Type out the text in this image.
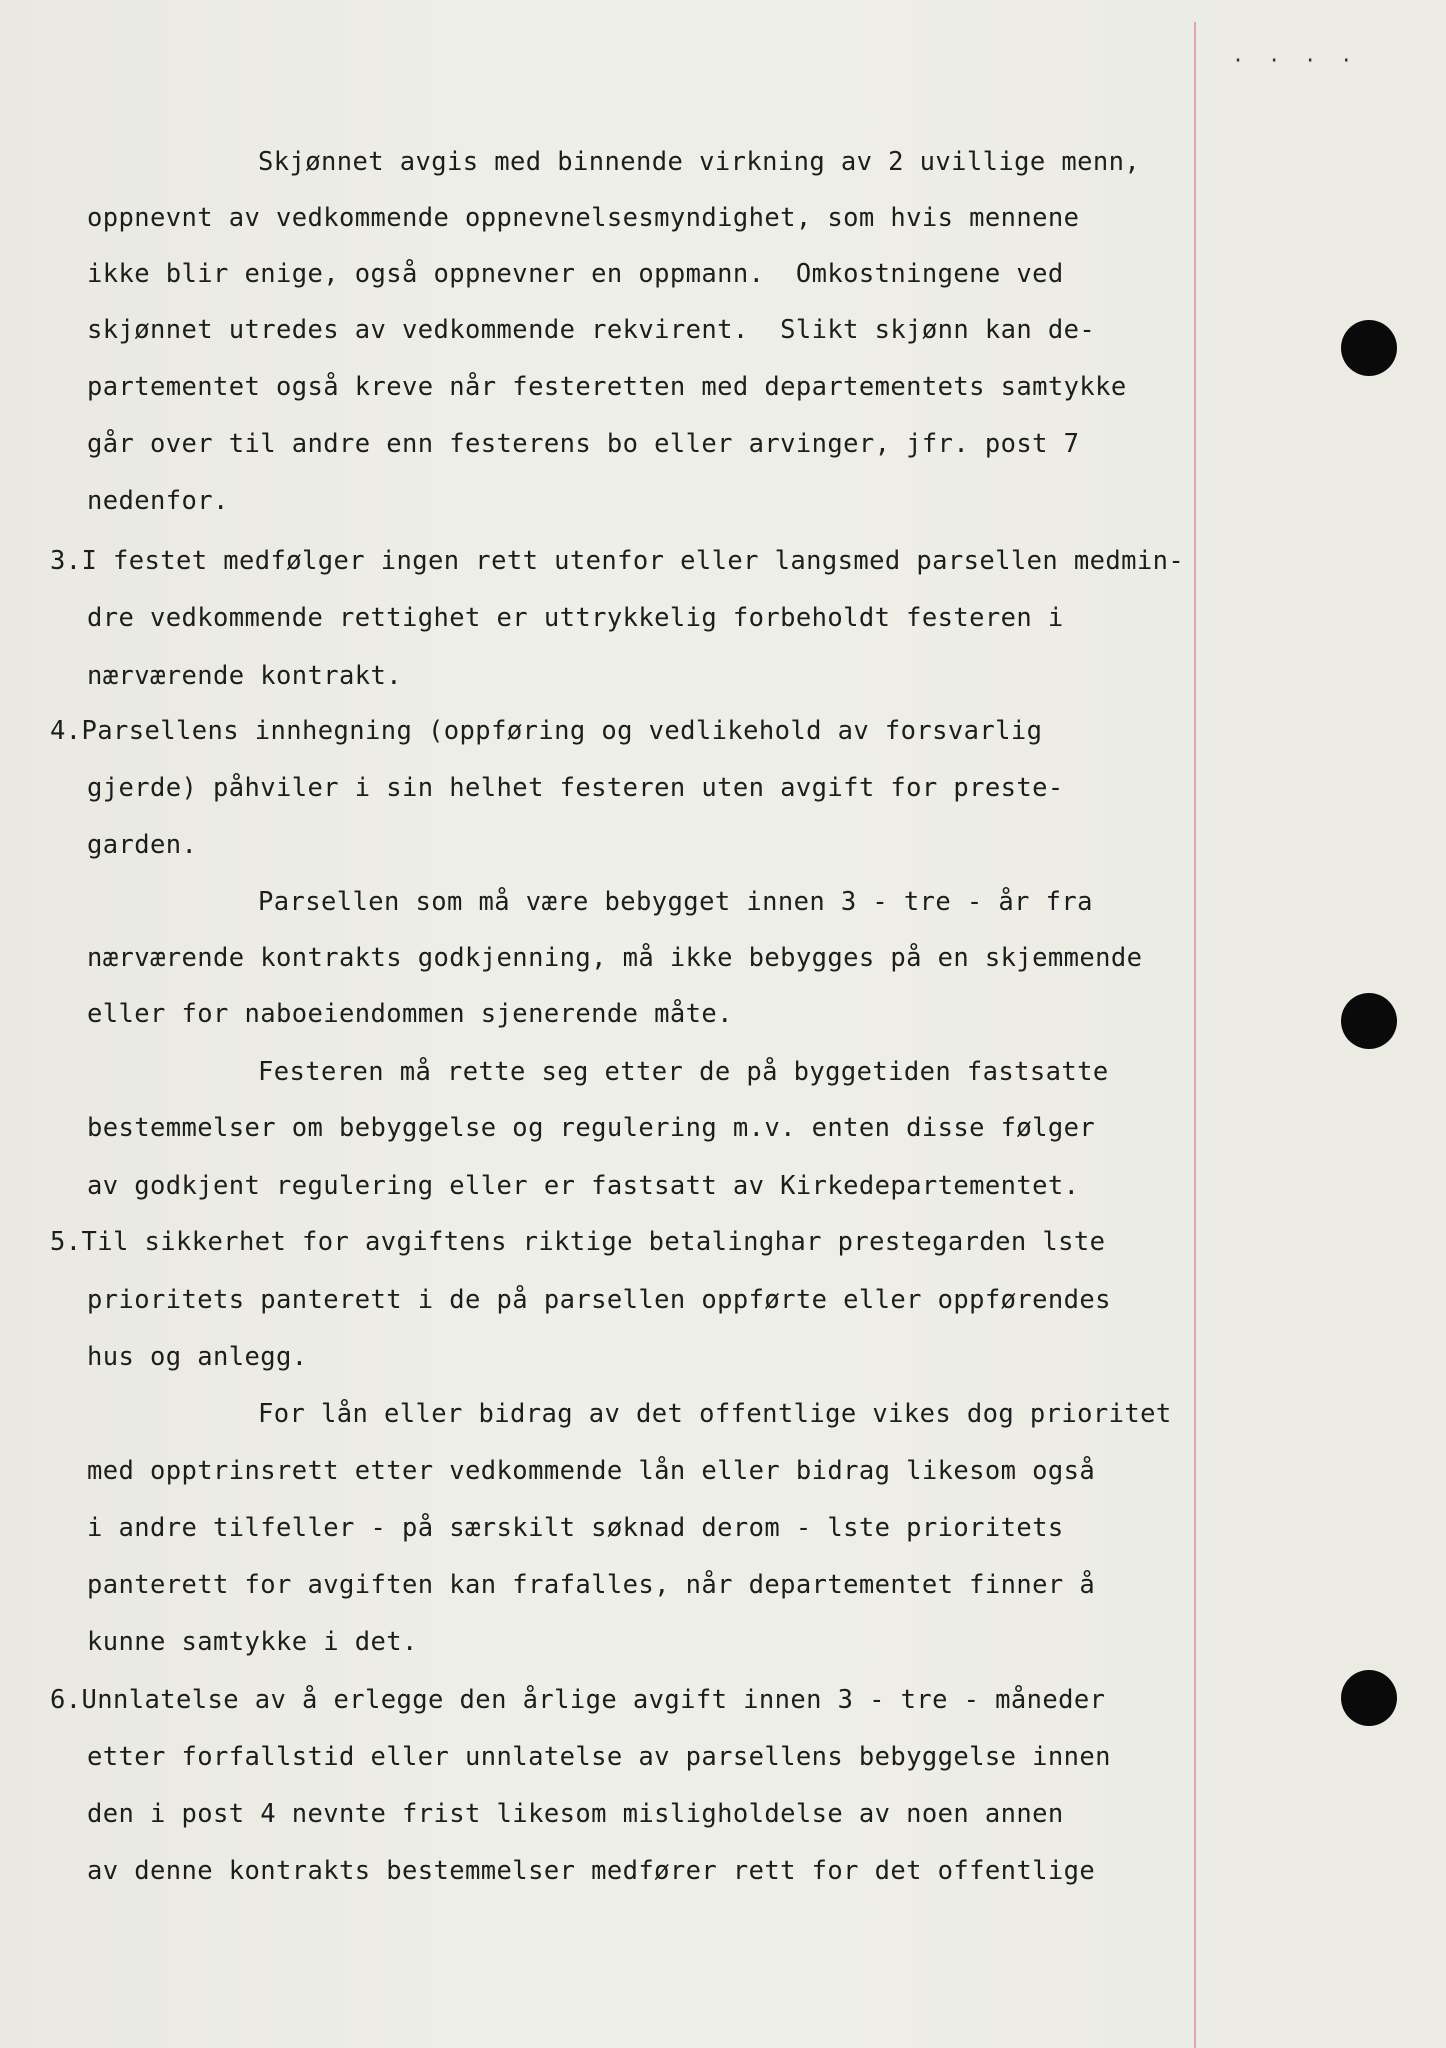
· · · ·
Skjønnet avgis med binnende virkning av 2 uvillige menn,
oppnevnt av vedkommende oppnevnelsesmyndighet, som hvis mennene
ikke blir enige, også oppnevner en oppmann.  Omkostningene ved
skjønnet utredes av vedkommende rekvirent.  Slikt skjønn kan de-
partementet også kreve når festeretten med departementets samtykke
går over til andre enn festerens bo eller arvinger, jfr. post 7
nedenfor.
3.I festet medfølger ingen rett utenfor eller langsmed parsellen medmin-
dre vedkommende rettighet er uttrykkelig forbeholdt festeren i
nærværende kontrakt.
4.Parsellens innhegning (oppføring og vedlikehold av forsvarlig
gjerde) påhviler i sin helhet festeren uten avgift for preste-
garden.
Parsellen som må være bebygget innen 3 - tre - år fra
nærværende kontrakts godkjenning, må ikke bebygges på en skjemmende
eller for naboeiendommen sjenerende måte.
Festeren må rette seg etter de på byggetiden fastsatte
bestemmelser om bebyggelse og regulering m.v. enten disse følger
av godkjent regulering eller er fastsatt av Kirkedepartementet.
5.Til sikkerhet for avgiftens riktige betalinghar prestegarden lste
prioritets panterett i de på parsellen oppførte eller oppførendes
hus og anlegg.
For lån eller bidrag av det offentlige vikes dog prioritet
med opptrinsrett etter vedkommende lån eller bidrag likesom også
i andre tilfeller - på særskilt søknad derom - lste prioritets
panterett for avgiften kan frafalles, når departementet finner å
kunne samtykke i det.
6.Unnlatelse av å erlegge den årlige avgift innen 3 - tre - måneder
etter forfallstid eller unnlatelse av parsellens bebyggelse innen
den i post 4 nevnte frist likesom misligholdelse av noen annen
av denne kontrakts bestemmelser medfører rett for det offentlige
